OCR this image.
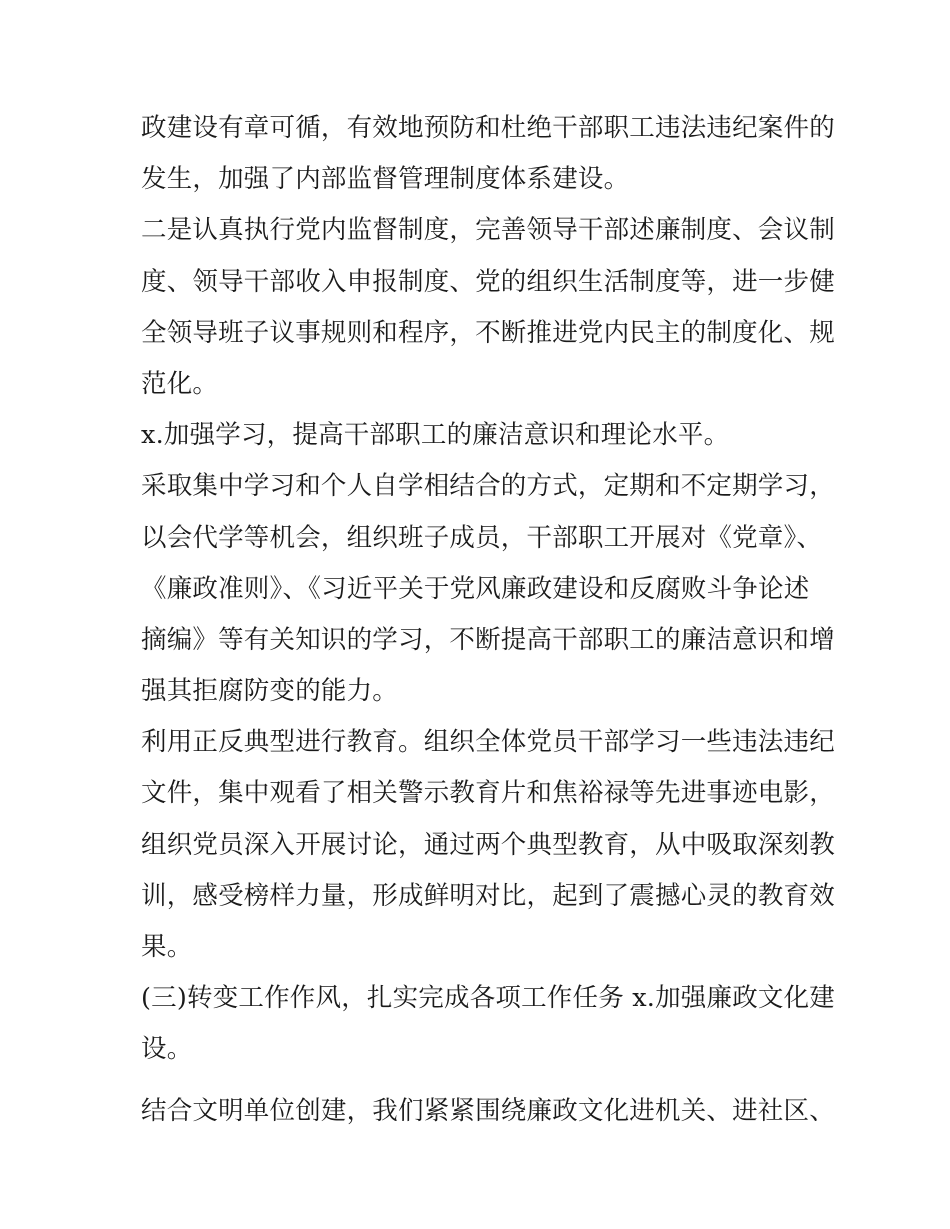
政建设有章可循，有效地预防和杜绝干部职工违法违纪案件的
发生，加强了内部监督管理制度体系建设。
二是认真执行党内监督制度，完善领导干部述廉制度、会议制
度、领导干部收入申报制度、党的组织生活制度等，进一步健
全领导班子议事规则和程序，不断推进党内民主的制度化、规
范化。
x.加强学习，提高干部职工的廉洁意识和理论水平。
采取集中学习和个人自学相结合的方式，定期和不定期学习，
以会代学等机会，组织班子成员，干部职工开展对《党章》、
《廉政准则》、《习近平关于党风廉政建设和反腐败斗争论述
摘编》等有关知识的学习，不断提高干部职工的廉洁意识和增
强其拒腐防变的能力。
利用正反典型进行教育。组织全体党员干部学习一些违法违纪
文件，集中观看了相关警示教育片和焦裕禄等先进事迹电影，
组织党员深入开展讨论，通过两个典型教育，从中吸取深刻教
训，感受榜样力量，形成鲜明对比，起到了震撼心灵的教育效
果。
(三)转变工作作风，扎实完成各项工作任务 x.加强廉政文化建
设。
结合文明单位创建，我们紧紧围绕廉政文化进机关、进社区、
